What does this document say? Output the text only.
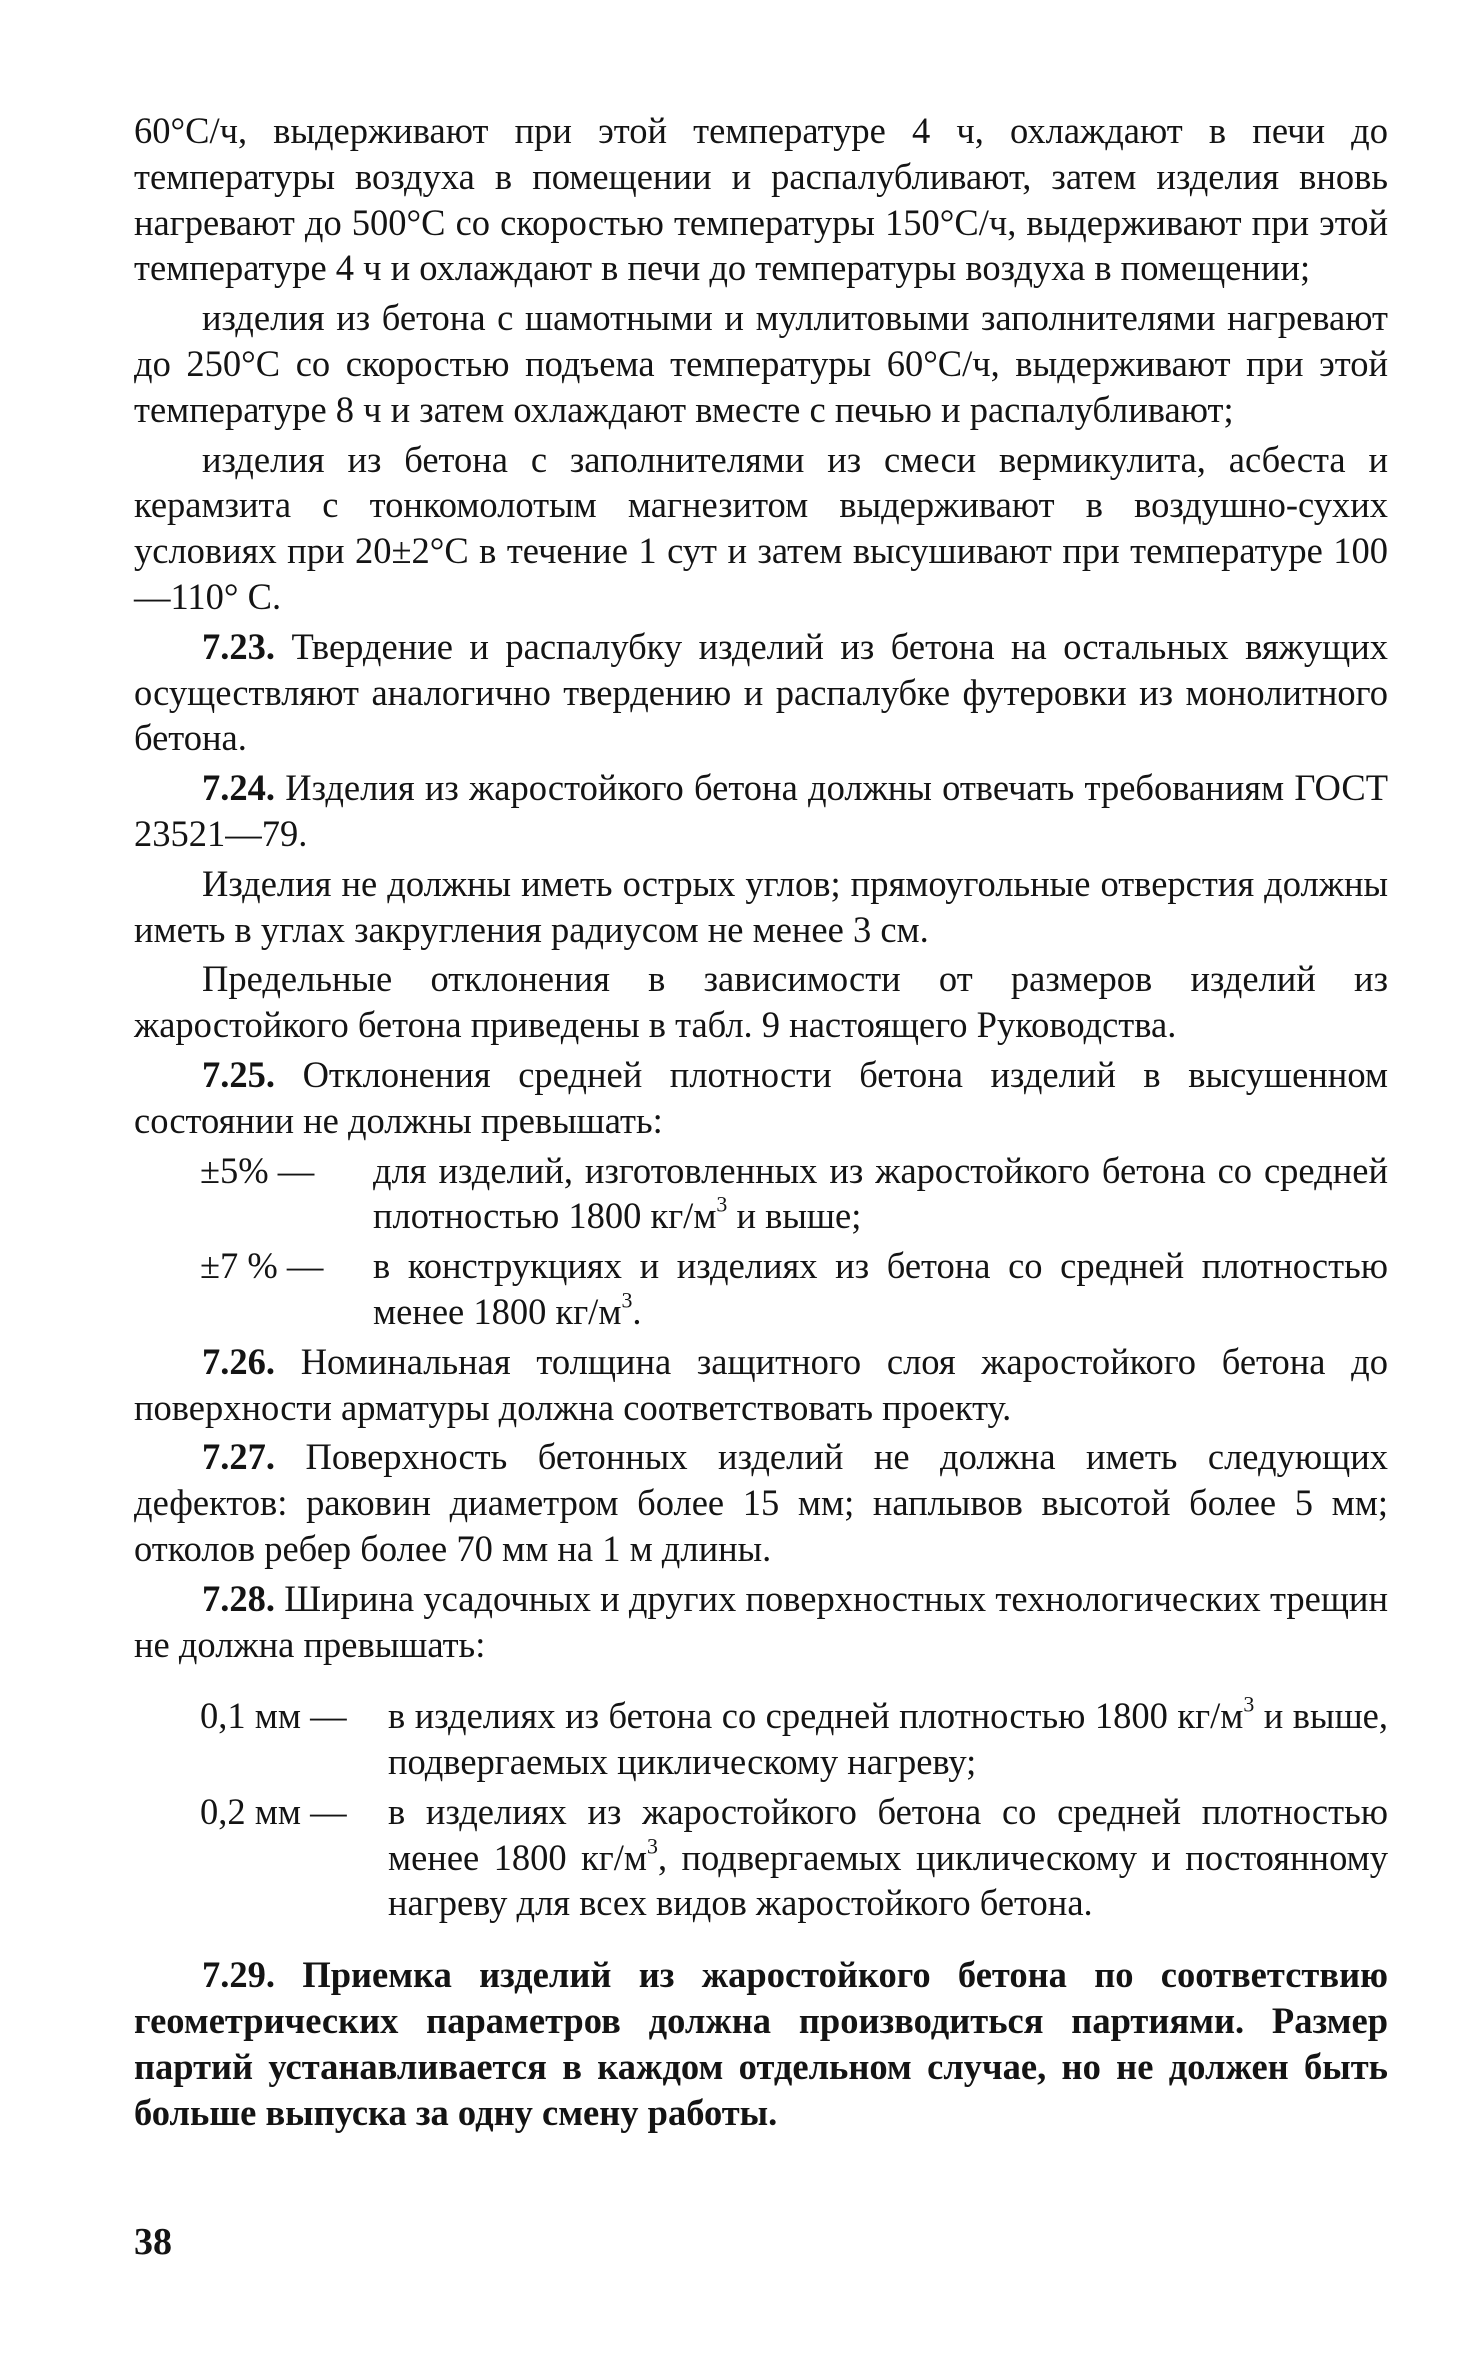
60°С/ч, выдерживают при этой температуре 4 ч, охлаждают в печи до температуры воздуха в помещении и распалубливают, затем изделия вновь нагревают до 500°С со скоростью температуры 150°С/ч, выдерживают при этой температуре 4 ч и охлаждают в печи до температуры воздуха в помещении;

изделия из бетона с шамотными и муллитовыми заполнителями нагревают до 250°С со скоростью подъема температуры 60°С/ч, выдерживают при этой температуре 8 ч и затем охлаждают вместе с печью и распалубливают;

изделия из бетона с заполнителями из смеси вермикулита, асбеста и керамзита с тонкомолотым магнезитом выдерживают в воздушно-сухих условиях при 20±2°С в течение 1 сут и затем высушивают при температуре 100—110° С.

7.23. Твердение и распалубку изделий из бетона на остальных вяжущих осуществляют аналогично твердению и распалубке футеровки из монолитного бетона.

7.24. Изделия из жаростойкого бетона должны отвечать требованиям ГОСТ 23521—79.

Изделия не должны иметь острых углов; прямоугольные отверстия должны иметь в углах закругления радиусом не менее 3 см.

Предельные отклонения в зависимости от размеров изделий из жаростойкого бетона приведены в табл. 9 настоящего Руководства.

7.25. Отклонения средней плотности бетона изделий в высушенном состоянии не должны превышать:

±5% —	для изделий, изготовленных из жаростойкого бетона со средней плотностью 1800 $кг/м^3$ и выше;
±7 % —	в конструкциях и изделиях из бетона со средней плотностью менее 1800 $кг/м^3$.

7.26. Номинальная толщина защитного слоя жаростойкого бетона до поверхности арматуры должна соответствовать проекту.

7.27. Поверхность бетонных изделий не должна иметь следующих дефектов: раковин диаметром более 15 мм; наплывов высотой более 5 мм; отколов ребер более 70 мм на 1 м длины.

7.28. Ширина усадочных и других поверхностных технологических трещин не должна превышать:

0,1 мм —	в изделиях из бетона со средней плотностью 1800 $кг/м^3$ и выше, подвергаемых циклическому нагреву;
0,2 мм —	в изделиях из жаростойкого бетона со средней плотностью менее 1800 $кг/м^3$, подвергаемых циклическому и постоянному нагреву для всех видов жаростойкого бетона.

7.29. Приемка изделий из жаростойкого бетона по соответствию геометрических параметров должна производиться партиями. Размер партий устанавливается в каждом отдельном случае, но не должен быть больше выпуска за одну смену работы.

38
